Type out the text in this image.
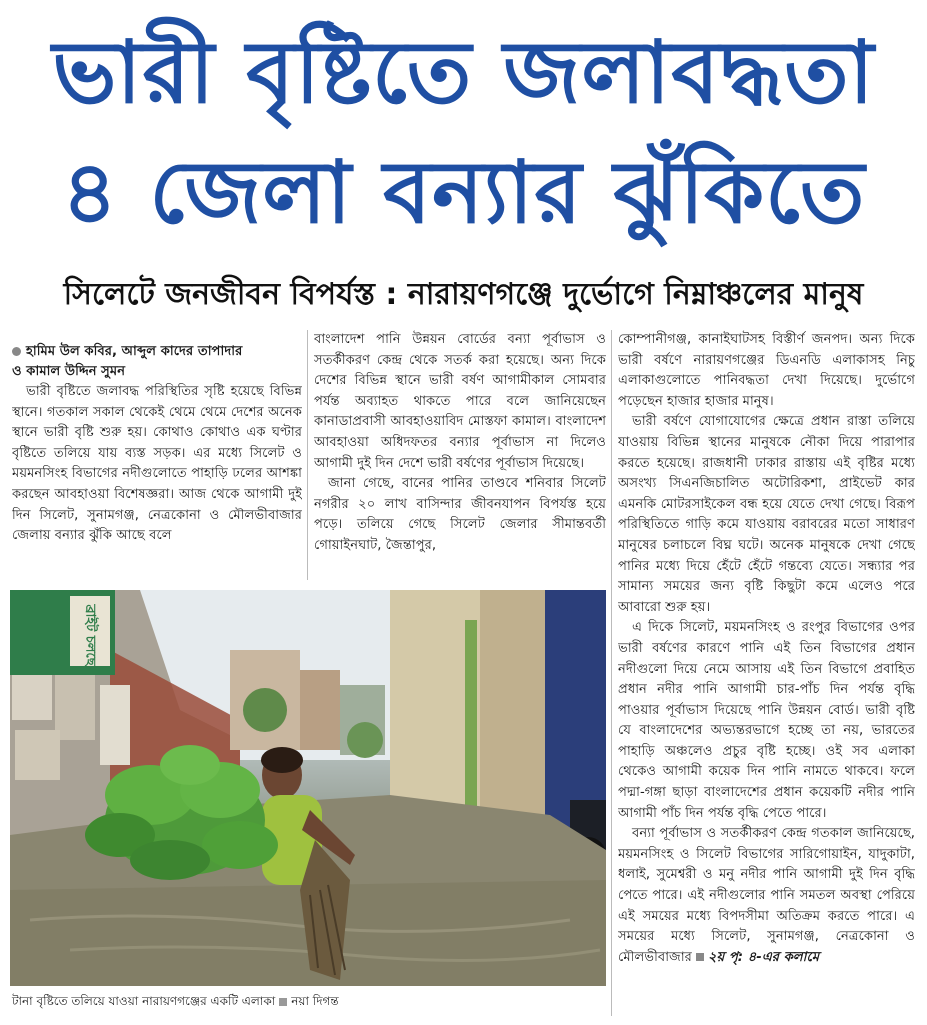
ভারী বৃষ্টিতে জলাবদ্ধতা
৪ জেলা বন্যার ঝুঁকিতে
সিলেটে জনজীবন বিপর্যস্ত : নারায়ণগঞ্জে দুর্ভোগে নিম্নাঞ্চলের মানুষ

হামিম উল কবির, আব্দুল কাদের তাপাদার
ও কামাল উদ্দিন সুমন

ভারী বৃষ্টিতে জলাবদ্ধ পরিস্থিতির সৃষ্টি হয়েছে বিভিন্ন স্থানে। গতকাল সকাল থেকেই থেমে থেমে দেশের অনেক স্থানে ভারী বৃষ্টি শুরু হয়। কোথাও কোথাও এক ঘণ্টার বৃষ্টিতে তলিয়ে যায় ব্যস্ত সড়ক। এর মধ্যে সিলেট ও ময়মনসিংহ বিভাগের নদীগুলোতে পাহাড়ি ঢলের আশঙ্কা করছেন আবহাওয়া বিশেষজ্ঞরা। আজ থেকে আগামী দুই দিন সিলেট, সুনামগঞ্জ, নেত্রকোনা ও মৌলভীবাজার জেলায় বন্যার ঝুঁকি আছে বলে

বাংলাদেশ পানি উন্নয়ন বোর্ডের বন্যা পূর্বাভাস ও সতর্কীকরণ কেন্দ্র থেকে সতর্ক করা হয়েছে। অন্য দিকে দেশের বিভিন্ন স্থানে ভারী বর্ষণ আগামীকাল সোমবার পর্যন্ত অব্যাহত থাকতে পারে বলে জানিয়েছেন কানাডাপ্রবাসী আবহাওয়াবিদ মোস্তফা কামাল। বাংলাদেশ আবহাওয়া অধিদফতর বন্যার পূর্বাভাস না দিলেও আগামী দুই দিন দেশে ভারী বর্ষণের পূর্বাভাস দিয়েছে।

জানা গেছে, বানের পানির তাণ্ডবে শনিবার সিলেট নগরীর ২০ লাখ বাসিন্দার জীবনযাপন বিপর্যস্ত হয়ে পড়ে। তলিয়ে গেছে সিলেট জেলার সীমান্তবর্তী গোয়াইনঘাট, জৈন্তাপুর,

কোম্পানীগঞ্জ, কানাইঘাটসহ বিস্তীর্ণ জনপদ। অন্য দিকে ভারী বর্ষণে নারায়ণগঞ্জের ডিএনডি এলাকাসহ নিচু এলাকাগুলোতে পানিবদ্ধতা দেখা দিয়েছে। দুর্ভোগে পড়েছেন হাজার হাজার মানুষ।

ভারী বর্ষণে যোগাযোগের ক্ষেত্রে প্রধান রাস্তা তলিয়ে যাওয়ায় বিভিন্ন স্থানের মানুষকে নৌকা দিয়ে পারাপার করতে হয়েছে। রাজধানী ঢাকার রাস্তায় এই বৃষ্টির মধ্যে অসংখ্য সিএনজিচালিত অটোরিকশা, প্রাইভেট কার এমনকি মোটরসাইকেল বন্ধ হয়ে যেতে দেখা গেছে। বিরূপ পরিস্থিতিতে গাড়ি কমে যাওয়ায় বরাবরের মতো সাধারণ মানুষের চলাচলে বিঘ্ন ঘটে। অনেক মানুষকে দেখা গেছে পানির মধ্যে দিয়ে হেঁটে হেঁটে গন্তব্যে যেতে। সন্ধ্যার পর সামান্য সময়ের জন্য বৃষ্টি কিছুটা কমে এলেও পরে আবারো শুরু হয়।

এ দিকে সিলেট, ময়মনসিংহ ও রংপুর বিভাগের ওপর ভারী বর্ষণের কারণে পানি এই তিন বিভাগের প্রধান নদীগুলো দিয়ে নেমে আসায় এই তিন বিভাগে প্রবাহিত প্রধান নদীর পানি আগামী চার-পাঁচ দিন পর্যন্ত বৃদ্ধি পাওয়ার পূর্বাভাস দিয়েছে পানি উন্নয়ন বোর্ড। ভারী বৃষ্টি যে বাংলাদেশের অভ্যন্তরভাগে হচ্ছে তা নয়, ভারতের পাহাড়ি অঞ্চলেও প্রচুর বৃষ্টি হচ্ছে। ওই সব এলাকা থেকেও আগামী কয়েক দিন পানি নামতে থাকবে। ফলে পদ্মা-গঙ্গা ছাড়া বাংলাদেশের প্রধান কয়েকটি নদীর পানি আগামী পাঁচ দিন পর্যন্ত বৃদ্ধি পেতে পারে।

বন্যা পূর্বাভাস ও সতর্কীকরণ কেন্দ্র গতকাল জানিয়েছে, ময়মনসিংহ ও সিলেট বিভাগের সারিগোয়াইন, যাদুকাটা, ধলাই, সুমেশ্বরী ও মনু নদীর পানি আগামী দুই দিন বৃদ্ধি পেতে পারে। এই নদীগুলোর পানি সমতল অবস্থা পেরিয়ে এই সময়ের মধ্যে বিপদসীমা অতিক্রম করতে পারে। এ সময়ের মধ্যে সিলেট, সুনামগঞ্জ, নেত্রকোনা ও মৌলভীবাজার ২য় পৃ: ৪-এর কলামে

ব্রাইট চলছে
টানা বৃষ্টিতে তলিয়ে যাওয়া নারায়ণগঞ্জের একটি এলাকা নয়া দিগন্ত
